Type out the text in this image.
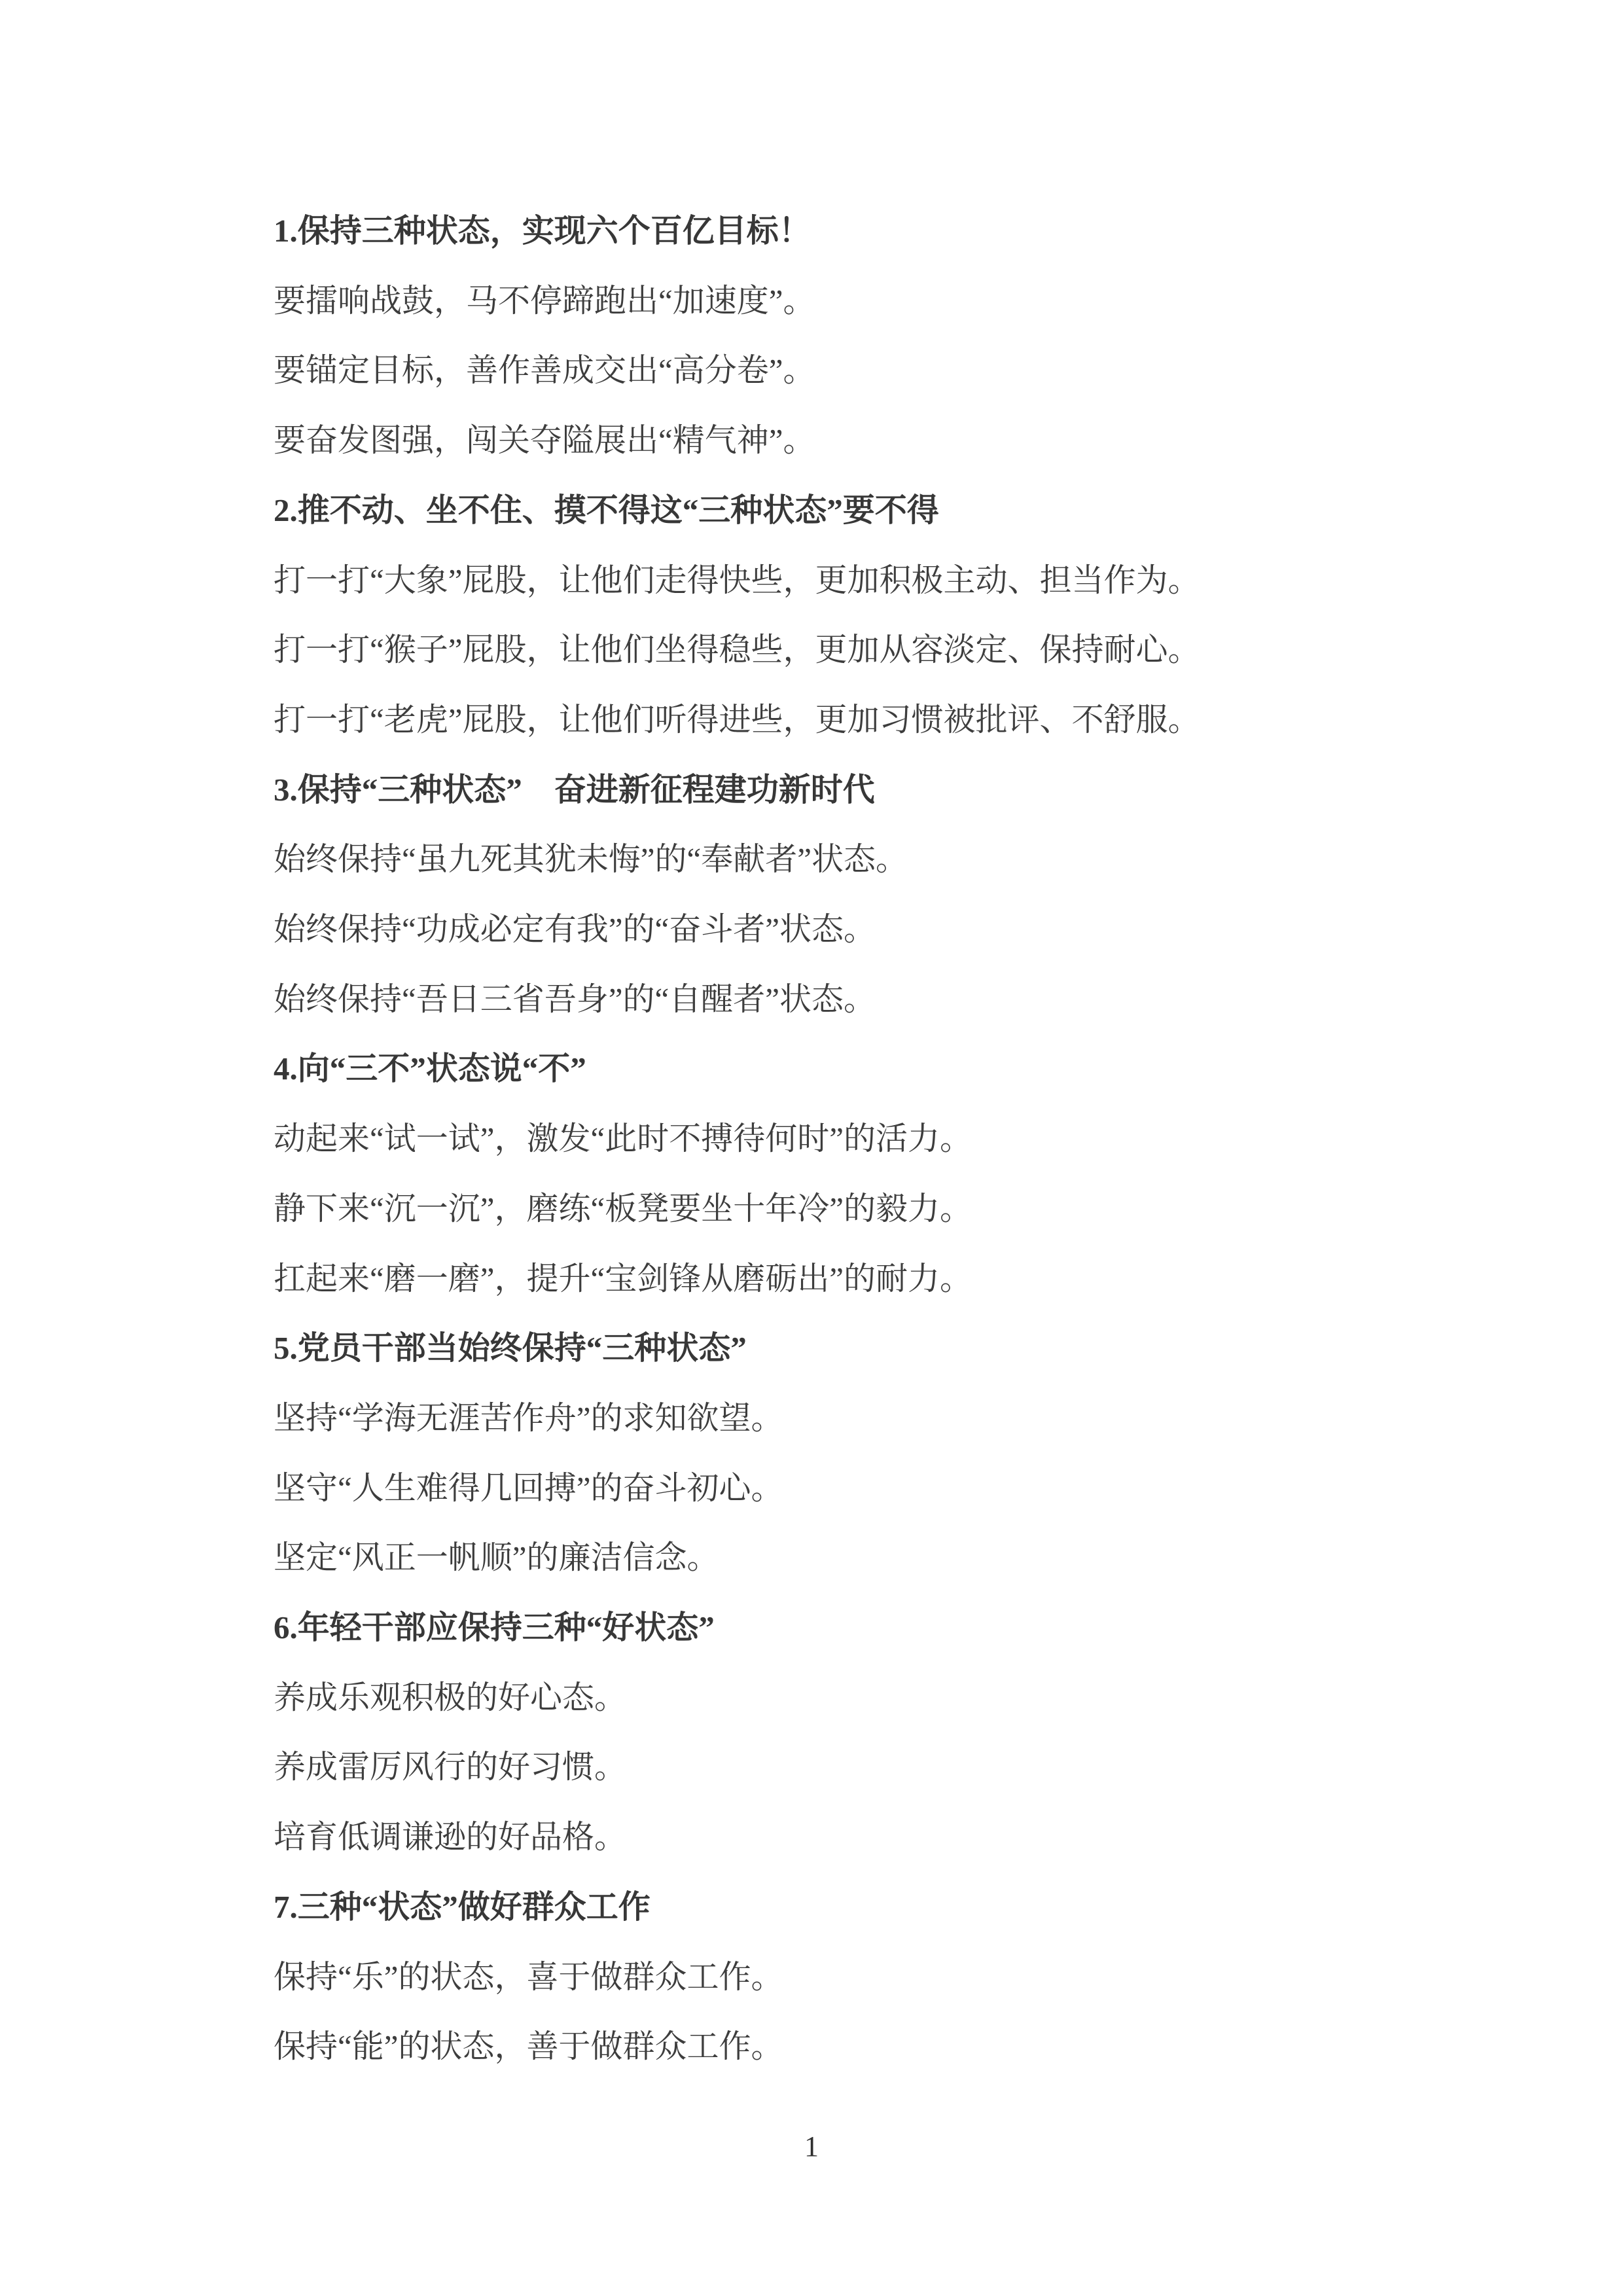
1.保持三种状态，实现六个百亿目标！

要擂响战鼓，马不停蹄跑出“加速度”。

要锚定目标，善作善成交出“高分卷”。

要奋发图强，闯关夺隘展出“精气神”。

2.推不动、坐不住、摸不得这“三种状态”要不得

打一打“大象”屁股，让他们走得快些，更加积极主动、担当作为。

打一打“猴子”屁股，让他们坐得稳些，更加从容淡定、保持耐心。

打一打“老虎”屁股，让他们听得进些，更加习惯被批评、不舒服。

3.保持“三种状态”　奋进新征程建功新时代

始终保持“虽九死其犹未悔”的“奉献者”状态。

始终保持“功成必定有我”的“奋斗者”状态。

始终保持“吾日三省吾身”的“自醒者”状态。

4.向“三不”状态说“不”

动起来“试一试”，激发“此时不搏待何时”的活力。

静下来“沉一沉”，磨练“板凳要坐十年冷”的毅力。

扛起来“磨一磨”，提升“宝剑锋从磨砺出”的耐力。

5.党员干部当始终保持“三种状态”

坚持“学海无涯苦作舟”的求知欲望。

坚守“人生难得几回搏”的奋斗初心。

坚定“风正一帆顺”的廉洁信念。

6.年轻干部应保持三种“好状态”

养成乐观积极的好心态。

养成雷厉风行的好习惯。

培育低调谦逊的好品格。

7.三种“状态”做好群众工作

保持“乐”的状态，喜于做群众工作。

保持“能”的状态，善于做群众工作。

1
